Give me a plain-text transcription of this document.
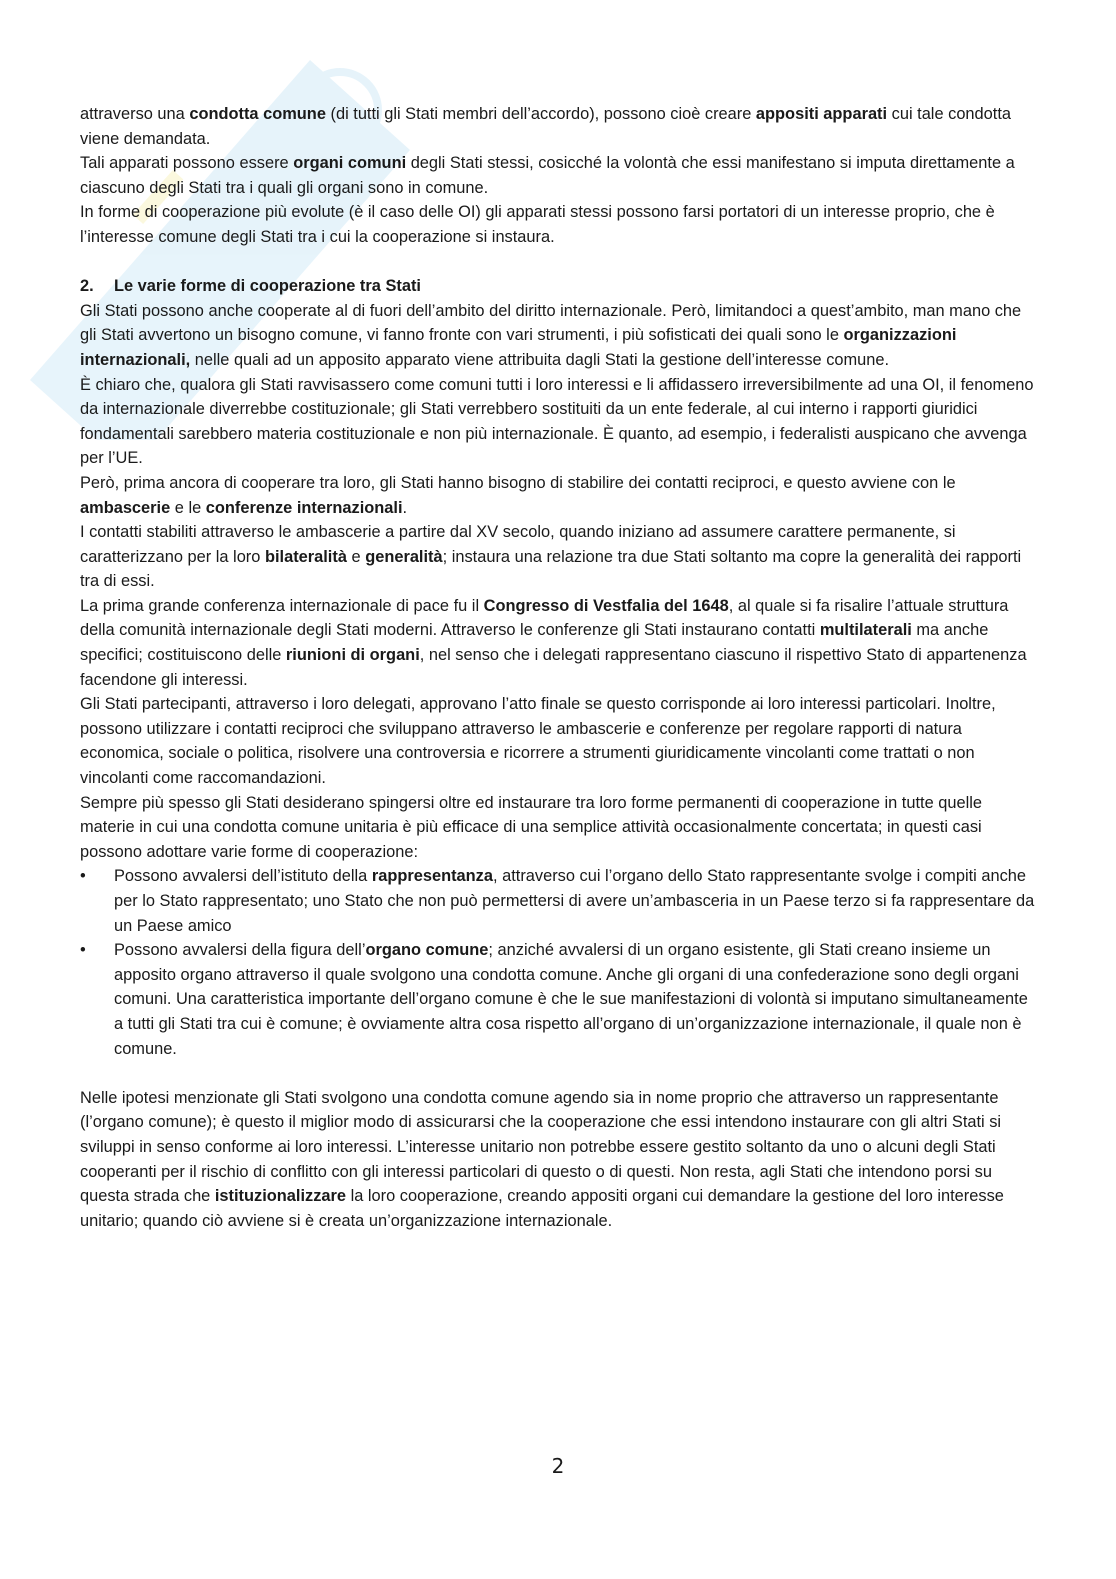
attraverso una condotta comune (di tutti gli Stati membri dell’accordo), possono cioè creare appositi apparati cui tale condotta viene demandata.

Tali apparati possono essere organi comuni degli Stati stessi, cosicché la volontà che essi manifestano si imputa direttamente a ciascuno degli Stati tra i quali gli organi sono in comune.

In forme di cooperazione più evolute (è il caso delle OI) gli apparati stessi possono farsi portatori di un interesse proprio, che è l’interesse comune degli Stati tra i cui la cooperazione si instaura.

2. Le varie forme di cooperazione tra Stati

Gli Stati possono anche cooperate al di fuori dell’ambito del diritto internazionale. Però, limitandoci a quest’ambito, man mano che gli Stati avvertono un bisogno comune, vi fanno fronte con vari strumenti, i più sofisticati dei quali sono le organizzazioni internazionali, nelle quali ad un apposito apparato viene attribuita dagli Stati la gestione dell’interesse comune.

È chiaro che, qualora gli Stati ravvisassero come comuni tutti i loro interessi e li affidassero irreversibilmente ad una OI, il fenomeno da internazionale diverrebbe costituzionale; gli Stati verrebbero sostituiti da un ente federale, al cui interno i rapporti giuridici fondamentali sarebbero materia costituzionale e non più internazionale. È quanto, ad esempio, i federalisti auspicano che avvenga per l’UE.

Però, prima ancora di cooperare tra loro, gli Stati hanno bisogno di stabilire dei contatti reciproci, e questo avviene con le ambascerie e le conferenze internazionali.

I contatti stabiliti attraverso le ambascerie a partire dal XV secolo, quando iniziano ad assumere carattere permanente, si caratterizzano per la loro bilateralità e generalità; instaura una relazione tra due Stati soltanto ma copre la generalità dei rapporti tra di essi.

La prima grande conferenza internazionale di pace fu il Congresso di Vestfalia del 1648, al quale si fa risalire l’attuale struttura della comunità internazionale degli Stati moderni. Attraverso le conferenze gli Stati instaurano contatti multilaterali ma anche specifici; costituiscono delle riunioni di organi, nel senso che i delegati rappresentano ciascuno il rispettivo Stato di appartenenza facendone gli interessi.

Gli Stati partecipanti, attraverso i loro delegati, approvano l’atto finale se questo corrisponde ai loro interessi particolari. Inoltre, possono utilizzare i contatti reciproci che sviluppano attraverso le ambascerie e conferenze per regolare rapporti di natura economica, sociale o politica, risolvere una controversia e ricorrere a strumenti giuridicamente vincolanti come trattati o non vincolanti come raccomandazioni.

Sempre più spesso gli Stati desiderano spingersi oltre ed instaurare tra loro forme permanenti di cooperazione in tutte quelle materie in cui una condotta comune unitaria è più efficace di una semplice attività occasionalmente concertata; in questi casi possono adottare varie forme di cooperazione:

• Possono avvalersi dell’istituto della rappresentanza, attraverso cui l’organo dello Stato rappresentante svolge i compiti anche per lo Stato rappresentato; uno Stato che non può permettersi di avere un’ambasceria in un Paese terzo si fa rappresentare da un Paese amico
• Possono avvalersi della figura dell’organo comune; anziché avvalersi di un organo esistente, gli Stati creano insieme un apposito organo attraverso il quale svolgono una condotta comune. Anche gli organi di una confederazione sono degli organi comuni. Una caratteristica importante dell’organo comune è che le sue manifestazioni di volontà si imputano simultaneamente a tutti gli Stati tra cui è comune; è ovviamente altra cosa rispetto all’organo di un’organizzazione internazionale, il quale non è comune.

Nelle ipotesi menzionate gli Stati svolgono una condotta comune agendo sia in nome proprio che attraverso un rappresentante (l’organo comune); è questo il miglior modo di assicurarsi che la cooperazione che essi intendono instaurare con gli altri Stati si sviluppi in senso conforme ai loro interessi. L’interesse unitario non potrebbe essere gestito soltanto da uno o alcuni degli Stati cooperanti per il rischio di conflitto con gli interessi particolari di questo o di questi. Non resta, agli Stati che intendono porsi su questa strada che istituzionalizzare la loro cooperazione, creando appositi organi cui demandare la gestione del loro interesse unitario; quando ciò avviene si è creata un’organizzazione internazionale.

2
